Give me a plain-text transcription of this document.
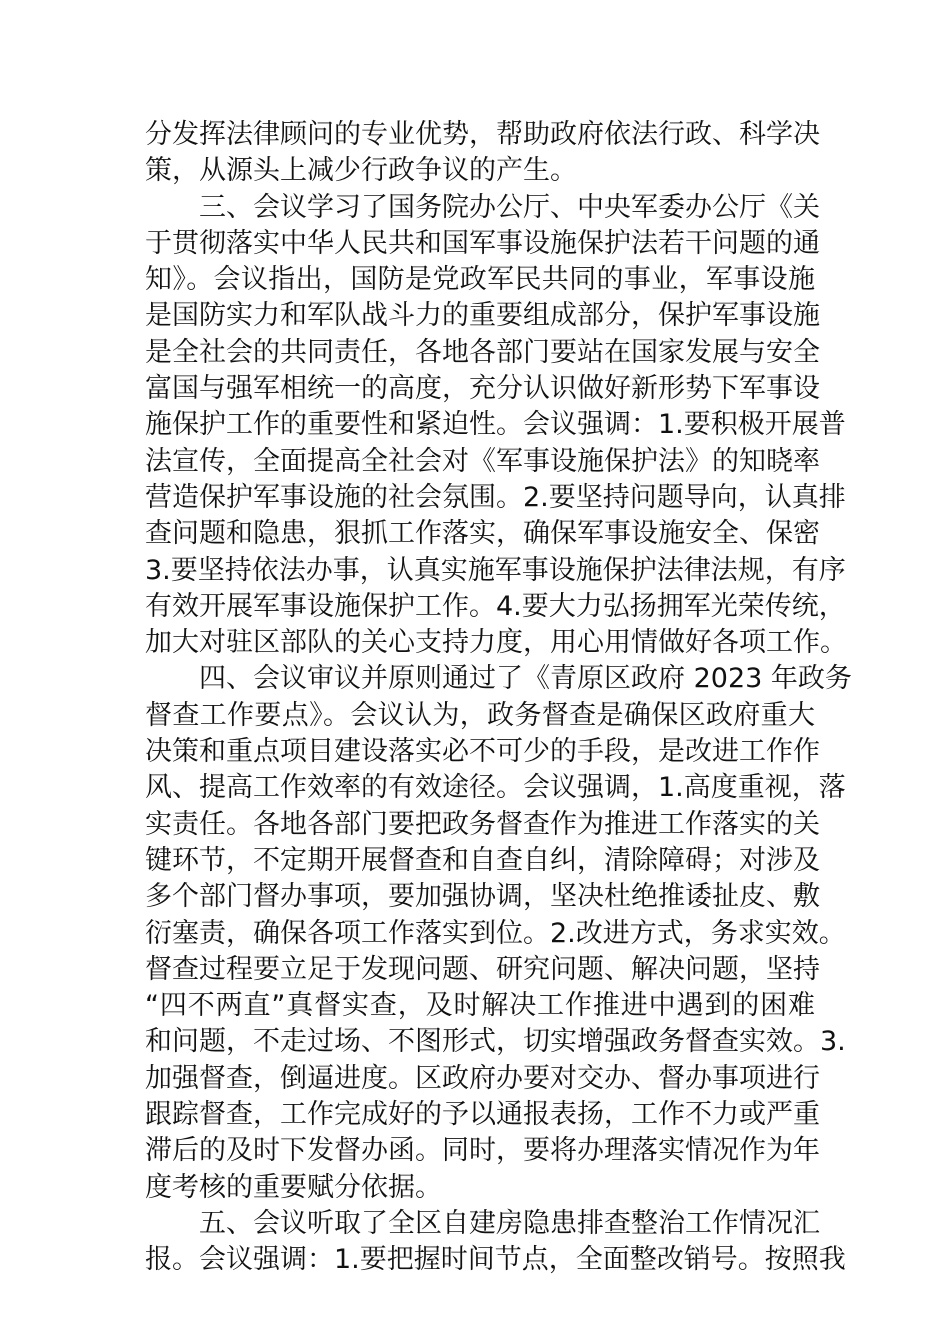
分发挥法律顾问的专业优势，帮助政府依法行政、科学决
策，从源头上减少行政争议的产生。
三、会议学习了国务院办公厅、中央军委办公厅《关
于贯彻落实中华人民共和国军事设施保护法若干问题的通
知》。会议指出，国防是党政军民共同的事业，军事设施
是国防实力和军队战斗力的重要组成部分，保护军事设施
是全社会的共同责任，各地各部门要站在国家发展与安全
富国与强军相统一的高度，充分认识做好新形势下军事设
施保护工作的重要性和紧迫性。会议强调：1.要积极开展普
法宣传，全面提高全社会对《军事设施保护法》的知晓率
营造保护军事设施的社会氛围。2.要坚持问题导向，认真排
查问题和隐患，狠抓工作落实，确保军事设施安全、保密
3.要坚持依法办事，认真实施军事设施保护法律法规，有序
有效开展军事设施保护工作。4.要大力弘扬拥军光荣传统，
加大对驻区部队的关心支持力度，用心用情做好各项工作。
四、会议审议并原则通过了《青原区政府 2023 年政务
督查工作要点》。会议认为，政务督查是确保区政府重大
决策和重点项目建设落实必不可少的手段，是改进工作作
风、提高工作效率的有效途径。会议强调，1.高度重视，落
实责任。各地各部门要把政务督查作为推进工作落实的关
键环节，不定期开展督查和自查自纠，清除障碍；对涉及
多个部门督办事项，要加强协调，坚决杜绝推诿扯皮、敷
衍塞责，确保各项工作落实到位。2.改进方式，务求实效。
督查过程要立足于发现问题、研究问题、解决问题，坚持
“四不两直”真督实查，及时解决工作推进中遇到的困难
和问题，不走过场、不图形式，切实增强政务督查实效。3.
加强督查，倒逼进度。区政府办要对交办、督办事项进行
跟踪督查，工作完成好的予以通报表扬，工作不力或严重
滞后的及时下发督办函。同时，要将办理落实情况作为年
度考核的重要赋分依据。
五、会议听取了全区自建房隐患排查整治工作情况汇
报。会议强调：1.要把握时间节点，全面整改销号。按照我
